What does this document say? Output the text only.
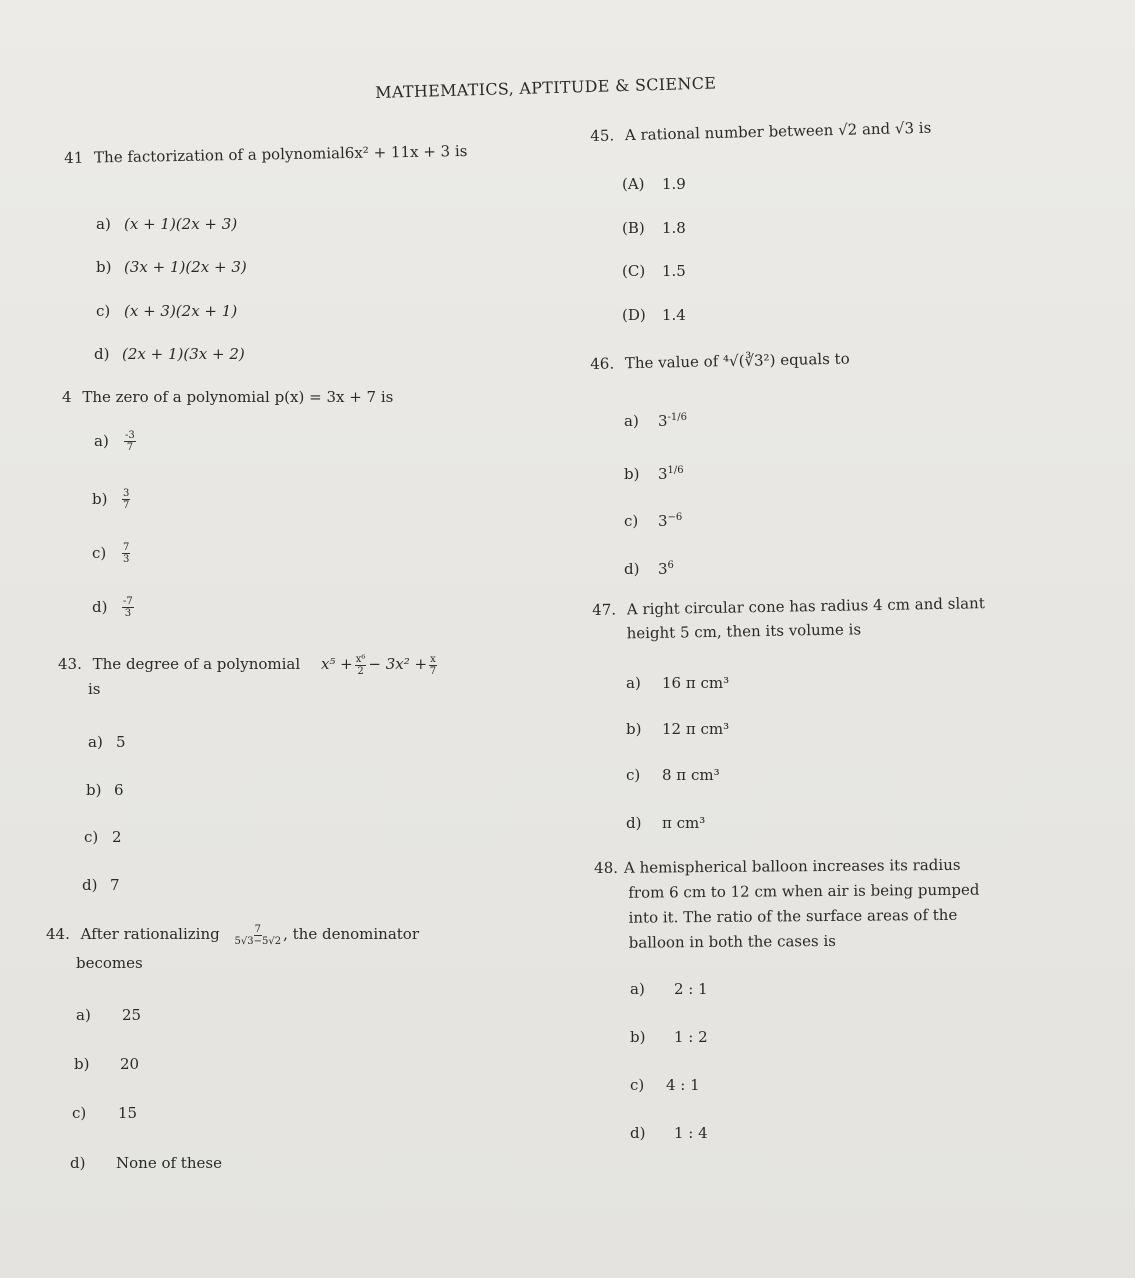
MATHEMATICS, APTITUDE & SCIENCE
41 The factorization of a polynomial6x² + 11x + 3 is
a) (x + 1)(2x + 3)
b) (3x + 1)(2x + 3)
c) (x + 3)(2x + 1)
d) (2x + 1)(3x + 2)
4 The zero of a polynomial p(x) = 3x + 7 is
$a) \frac{-3}{7}$
$b) \frac{3}{7}$
$c) \frac{7}{3}$
$d) \frac{-7}{3}$
43. The degree of a polynomial $x^5 + \frac{\text{x⁶}}{2} - 3x^2 + \frac{x}{7}$
is
a) 5
b) 6
c) 2
d) 7
44. After rationalizing $\frac{7}{5√3-5√2}$ , the denominator
becomes
a) 25
b) 20
c) 15
d) None of these
45. A rational number between √2 and √3 is
(A) 1.9
(B) 1.8
(C) 1.5
(D) 1.4
46. The value of ⁴√(∛3²) equals to
a) $3^{-1/6}$
b) $3^{1/6}$
c) $3^{-6}$
d) $3^6$
47. A right circular cone has radius 4 cm and slant
height 5 cm, then its volume is
a) 16 π cm³
b) 12 π cm³
c) 8 π cm³
d) π cm³
48. A hemispherical balloon increases its radius
from 6 cm to 12 cm when air is being pumped
into it. The ratio of the surface areas of the
balloon in both the cases is
a) 2 : 1
b) 1 : 2
c) 4 : 1
d) 1 : 4
